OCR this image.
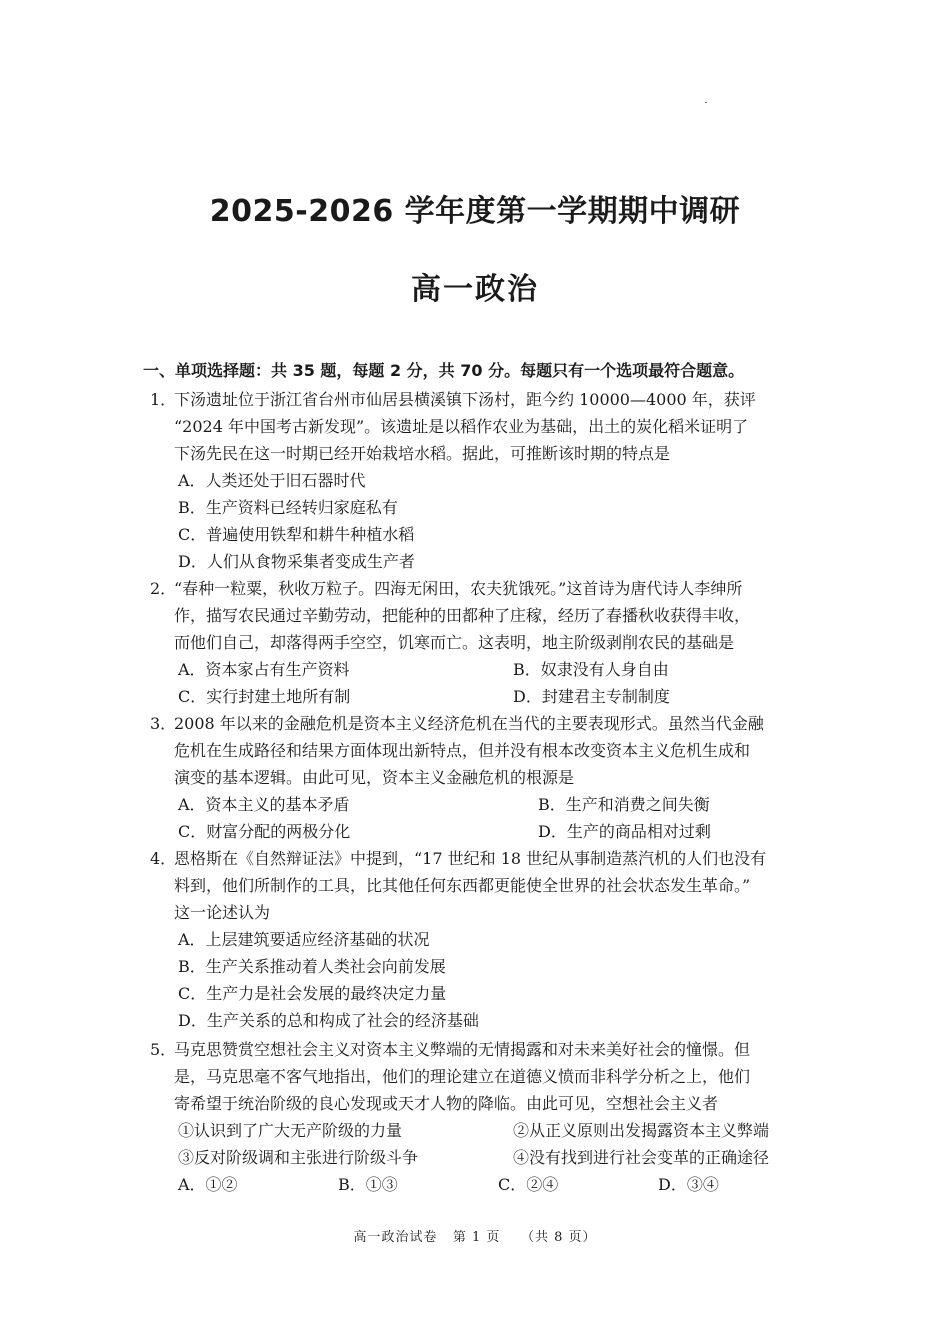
2025-2026 学年度第一学期期中调研
高一政治
一、单项选择题：共 35 题，每题 2 分，共 70 分。每题只有一个选项最符合题意。
1．
下汤遗址位于浙江省台州市仙居县横溪镇下汤村，距今约 10000—4000 年，获评
“2024 年中国考古新发现”。该遗址是以稻作农业为基础，出土的炭化稻米证明了
下汤先民在这一时期已经开始栽培水稻。据此，可推断该时期的特点是
A．人类还处于旧石器时代
B．生产资料已经转归家庭私有
C．普遍使用铁犁和耕牛种植水稻
D．人们从食物采集者变成生产者
2．
“春种一粒粟，秋收万粒子。四海无闲田，农夫犹饿死。”这首诗为唐代诗人李绅所
作，描写农民通过辛勤劳动，把能种的田都种了庄稼，经历了春播秋收获得丰收，
而他们自己，却落得两手空空，饥寒而亡。这表明，地主阶级剥削农民的基础是
A．资本家占有生产资料	B．奴隶没有人身自由
C．实行封建土地所有制	D．封建君主专制制度
3．
2008 年以来的金融危机是资本主义经济危机在当代的主要表现形式。虽然当代金融
危机在生成路径和结果方面体现出新特点，但并没有根本改变资本主义危机生成和
演变的基本逻辑。由此可见，资本主义金融危机的根源是
A．资本主义的基本矛盾	B．生产和消费之间失衡
C．财富分配的两极分化	D．生产的商品相对过剩
4．
恩格斯在《自然辩证法》中提到，“17 世纪和 18 世纪从事制造蒸汽机的人们也没有
料到，他们所制作的工具，比其他任何东西都更能使全世界的社会状态发生革命。”
这一论述认为
A．上层建筑要适应经济基础的状况
B．生产关系推动着人类社会向前发展
C．生产力是社会发展的最终决定力量
D．生产关系的总和构成了社会的经济基础
5．
马克思赞赏空想社会主义对资本主义弊端的无情揭露和对未来美好社会的憧憬。但
是，马克思毫不客气地指出，他们的理论建立在道德义愤而非科学分析之上，他们
寄希望于统治阶级的良心发现或天才人物的降临。由此可见，空想社会主义者
①认识到了广大无产阶级的力量	②从正义原则出发揭露资本主义弊端
③反对阶级调和主张进行阶级斗争	④没有找到进行社会变革的正确途径
A．①②	B．①③	C．②④	D．③④
高一政治试卷   第 1 页    （共 8 页）
